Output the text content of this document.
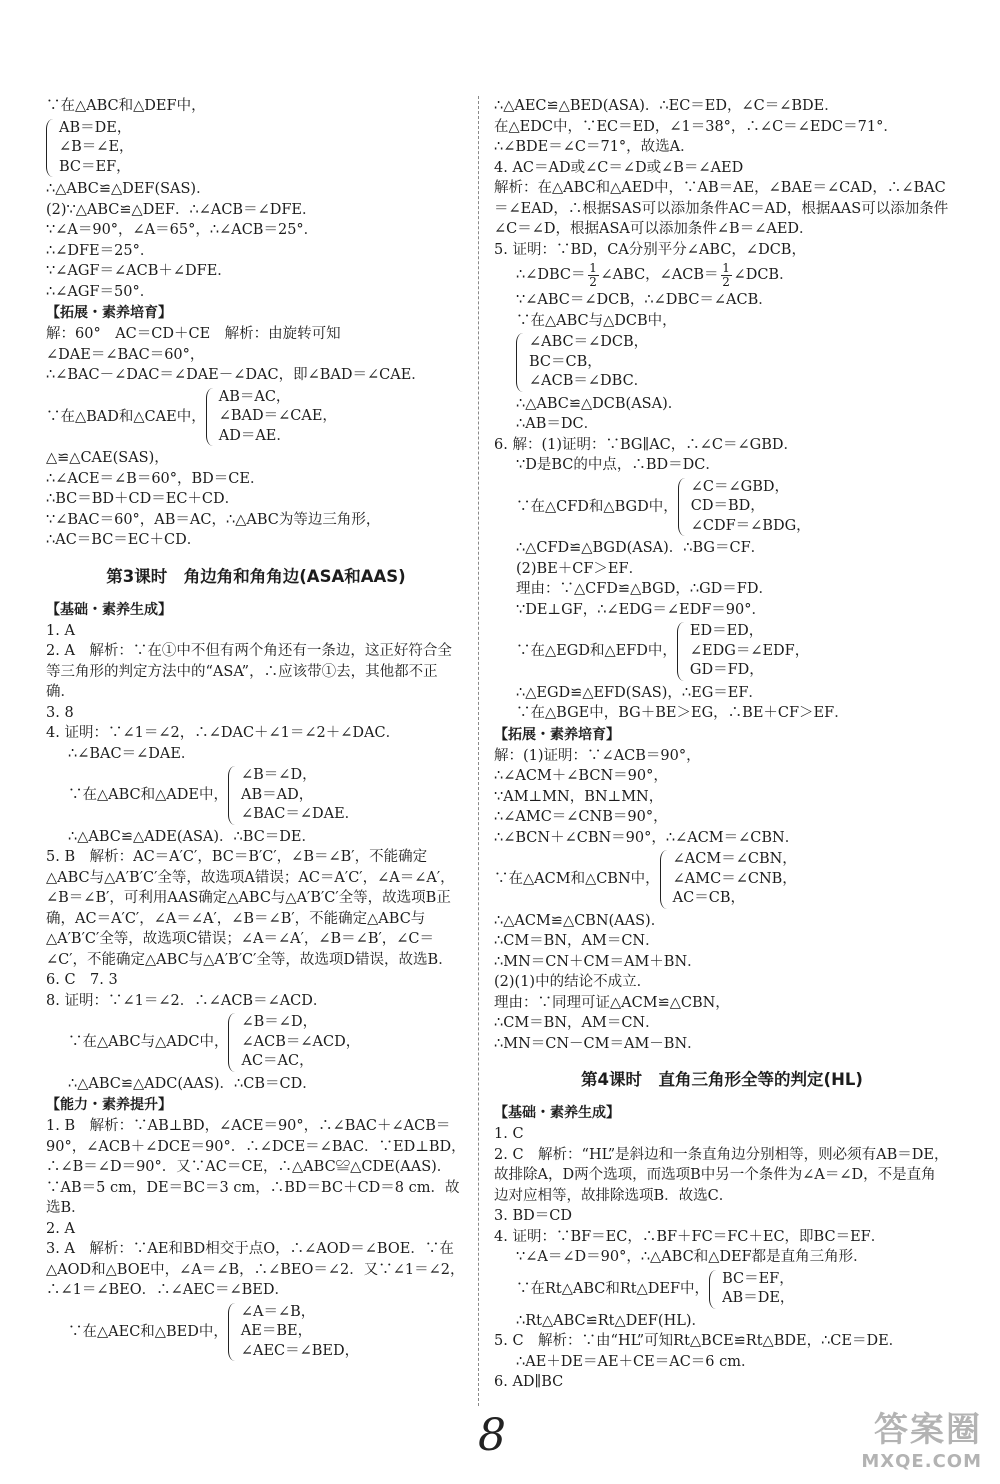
∵在△ABC和△DEF中，
AB＝DE，
∠B＝∠E，
BC＝EF，
∴△ABC≌△DEF(SAS)．
(2)∵△ABC≌△DEF．∴∠ACB＝∠DFE．
∵∠A＝90°，∠A＝65°，∴∠ACB＝25°．
∴∠DFE＝25°．
∵∠AGF＝∠ACB＋∠DFE．
∴∠AGF＝50°．
【拓展・素养培育】
解：60°　AC＝CD＋CE　解析：由旋转可知
∠DAE＝∠BAC＝60°，
∴∠BAC－∠DAC＝∠DAE－∠DAC，即∠BAD＝∠CAE．
∵在△BAD和△CAE中，
AB＝AC，
∠BAD＝∠CAE，
AD＝AE．
△≌△CAE(SAS)，
∴∠ACE＝∠B＝60°，BD＝CE．
∴BC＝BD＋CD＝EC＋CD．
∵∠BAC＝60°，AB＝AC，∴△ABC为等边三角形，
∴AC＝BC＝EC＋CD．
第3课时　角边角和角角边(ASA和AAS)
【基础・素养生成】
1. A
2. A　解析：∵在①中不但有两个角还有一条边，这正好符合全等三角形的判定方法中的“ASA”，∴应该带①去，其他都不正确．
3. 8
4. 证明：∵∠1＝∠2，∴∠DAC＋∠1＝∠2＋∠DAC．
∴∠BAC＝∠DAE．
∵在△ABC和△ADE中，
∠B＝∠D，
AB＝AD，
∠BAC＝∠DAE．
∴△ABC≌△ADE(ASA)．∴BC＝DE．
5. B　解析：AC＝A′C′，BC＝B′C′，∠B＝∠B′，不能确定△ABC与△A′B′C′全等，故选项A错误；AC＝A′C′，∠A＝∠A′，∠B＝∠B′，可利用AAS确定△ABC与△A′B′C′全等，故选项B正确，AC＝A′C′，∠A＝∠A′，∠B＝∠B′，不能确定△ABC与△A′B′C′全等，故选项C错误；∠A＝∠A′，∠B＝∠B′，∠C＝∠C′，不能确定△ABC与△A′B′C′全等，故选项D错误，故选B．
6. C　7. 3
8. 证明：∵∠1＝∠2．∴∠ACB＝∠ACD．
∵在△ABC与△ADC中，
∠B＝∠D，
∠ACB＝∠ACD，
AC＝AC，
∴△ABC≌△ADC(AAS)．∴CB＝CD．
【能力・素养提升】
1. B　解析：∵AB⊥BD，∠ACE＝90°，∴∠BAC＋∠ACB＝90°，∠ACB＋∠DCE＝90°．∴∠DCE＝∠BAC．∵ED⊥BD，∴∠B＝∠D＝90°．又∵AC＝CE，∴△ABC≌△CDE(AAS)．∵AB＝5 cm，DE＝BC＝3 cm，∴BD＝BC＋CD＝8 cm．故选B．
2. A
3. A　解析：∵AE和BD相交于点O，∴∠AOD＝∠BOE．∵在△AOD和△BOE中，∠A＝∠B，∴∠BEO＝∠2．又∵∠1＝∠2，∴∠1＝∠BEO．∴∠AEC＝∠BED．
∵在△AEC和△BED中，
∠A＝∠B，
AE＝BE，
∠AEC＝∠BED，
∴△AEC≌△BED(ASA)．∴EC＝ED，∠C＝∠BDE．
在△EDC中，∵EC＝ED，∠1＝38°，∴∠C＝∠EDC＝71°．
∴∠BDE＝∠C＝71°，故选A．
4. AC＝AD或∠C＝∠D或∠B＝∠AED
解析：在△ABC和△AED中，∵AB＝AE，∠BAE＝∠CAD，∴∠BAC＝∠EAD，∴根据SAS可以添加条件AC＝AD，根据AAS可以添加条件∠C＝∠D，根据ASA可以添加条件∠B＝∠AED．
5. 证明：∵BD，CA分别平分∠ABC，∠DCB，
∴∠DBC＝ $\frac{1}{2}$ ∠ABC，∠ACB＝ $\frac{1}{2}$ ∠DCB．
∵∠ABC＝∠DCB，∴∠DBC＝∠ACB．
∵在△ABC与△DCB中，
∠ABC＝∠DCB，
BC＝CB，
∠ACB＝∠DBC．
∴△ABC≌△DCB(ASA)．
∴AB＝DC．
6. 解：(1)证明：∵BG∥AC，∴∠C＝∠GBD．
∵D是BC的中点，∴BD＝DC．
∵在△CFD和△BGD中，
∠C＝∠GBD，
CD＝BD，
∠CDF＝∠BDG，
∴△CFD≌△BGD(ASA)．∴BG＝CF．
(2)BE＋CF＞EF．
理由：∵△CFD≌△BGD，∴GD＝FD．
∵DE⊥GF，∴∠EDG＝∠EDF＝90°．
∵在△EGD和△EFD中，
ED＝ED，
∠EDG＝∠EDF，
GD＝FD，
∴△EGD≌△EFD(SAS)，∴EG＝EF．
∵在△BGE中，BG＋BE＞EG，∴BE＋CF＞EF．
【拓展・素养培育】
解：(1)证明：∵∠ACB＝90°，
∴∠ACM＋∠BCN＝90°，
∵AM⊥MN，BN⊥MN，
∴∠AMC＝∠CNB＝90°，
∴∠BCN＋∠CBN＝90°，∴∠ACM＝∠CBN．
∵在△ACM和△CBN中，
∠ACM＝∠CBN，
∠AMC＝∠CNB，
AC＝CB，
∴△ACM≌△CBN(AAS)．
∴CM＝BN，AM＝CN．
∴MN＝CN＋CM＝AM＋BN．
(2)(1)中的结论不成立．
理由：∵同理可证△ACM≌△CBN，
∴CM＝BN，AM＝CN．
∴MN＝CN－CM＝AM－BN．
第4课时　直角三角形全等的判定(HL)
【基础・素养生成】
1. C
2. C　解析：“HL”是斜边和一条直角边分别相等，则必须有AB＝DE，故排除A，D两个选项，而选项B中另一个条件为∠A＝∠D，不是直角边对应相等，故排除选项B．故选C．
3. BD＝CD
4. 证明：∵BF＝EC，∴BF＋FC＝FC＋EC，即BC＝EF．
∵∠A＝∠D＝90°，∴△ABC和△DEF都是直角三角形．
∵在Rt△ABC和Rt△DEF中，
BC＝EF，
AB＝DE，
∴Rt△ABC≌Rt△DEF(HL)．
5. C　解析：∵由“HL”可知Rt△BCE≌Rt△BDE，∴CE＝DE．
∴AE＋DE＝AE＋CE＝AC＝6 cm．
6. AD∥BC
8	答案圈
MXQE.COM
